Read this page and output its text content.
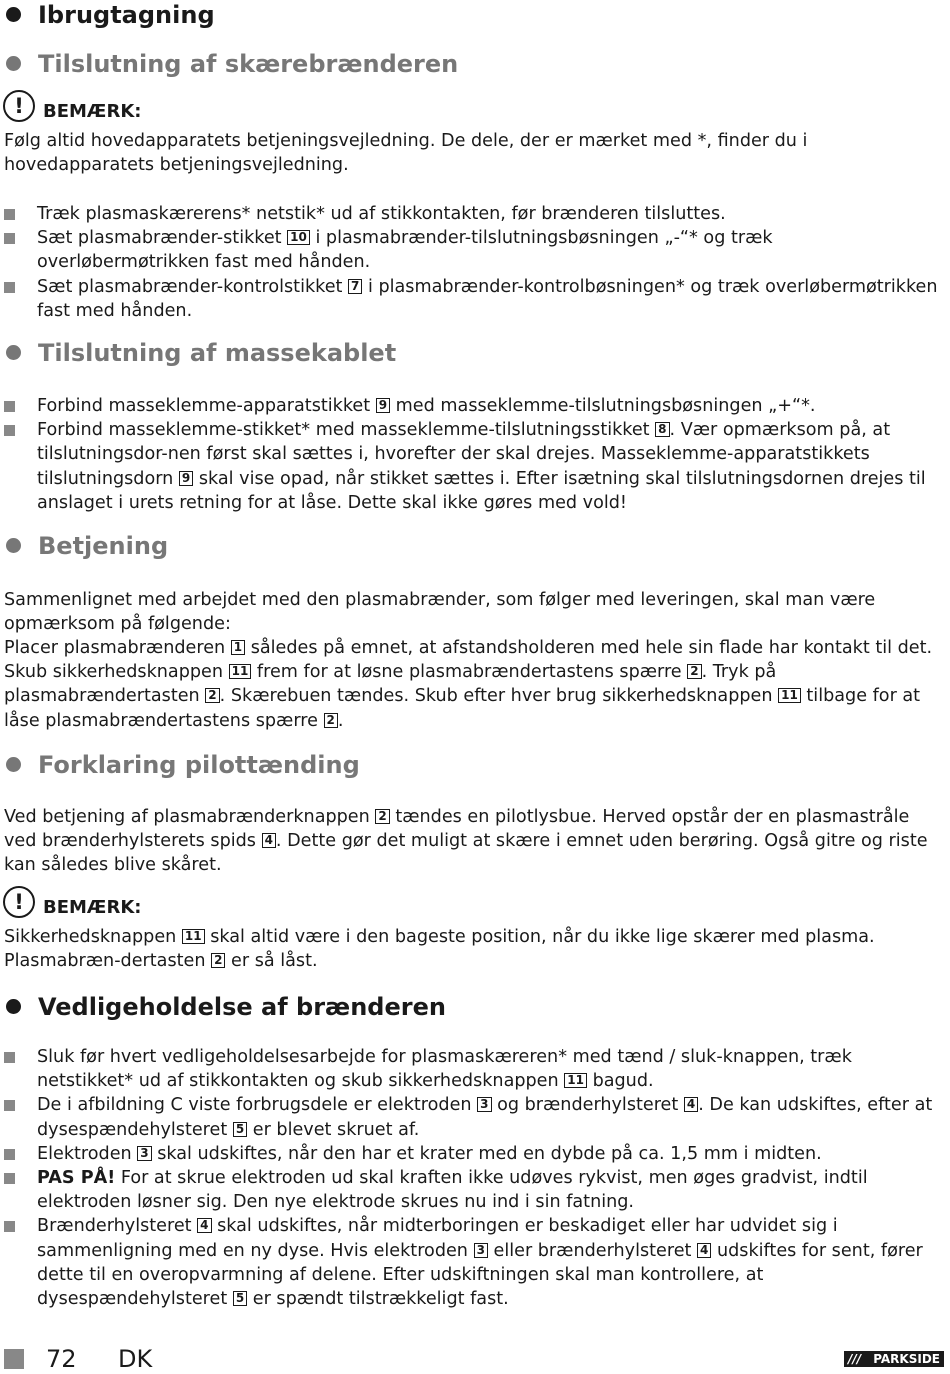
Ibrugtagning
Tilslutning af skærebrænderen
!	BEMÆRK:

Følg altid hovedapparatets betjeningsvejledning. De dele, der er mærket med *, finder du i hovedapparatets betjeningsvejledning.

Træk plasmaskærerens* netstik* ud af stikkontakten, før brænderen tilsluttes.
Sæt plasmabrænder-stikket 10 i plasmabrænder-tilslutningsbøsningen „-“* og træk overløbermøtrikken fast med hånden.
Sæt plasmabrænder-kontrolstikket 7 i plasmabrænder-kontrolbøsningen* og træk overløbermøtrikken fast med hånden.
Tilslutning af massekablet
Forbind masseklemme-apparatstikket 9 med masseklemme-tilslutningsbøsningen „+“*.
Forbind masseklemme-stikket* med masseklemme-tilslutningsstikket 8 . Vær opmærksom på, at tilslutningsdor-nen først skal sættes i, hvorefter der skal drejes. Masseklemme-apparatstikkets tilslutningsdorn 9 skal vise opad, når stikket sættes i. Efter isætning skal tilslutningsdornen drejes til anslaget i urets retning for at låse. Dette skal ikke gøres med vold!
Betjening

Sammenlignet med arbejdet med den plasmabrænder, som følger med leveringen, skal man være opmærksom på følgende:

Placer plasmabrænderen 1 således på emnet, at afstandsholderen med hele sin flade har kontakt til det. Skub sikkerhedsknappen 11 frem for at løsne plasmabrændertastens spærre 2 . Tryk på plasmabrændertasten 2 . Skærebuen tændes. Skub efter hver brug sikkerhedsknappen 11 tilbage for at låse plasmabrændertastens spærre 2 .

Forklaring pilottænding

Ved betjening af plasmabrænderknappen 2 tændes en pilotlysbue. Herved opstår der en plasmastråle ved brænderhylsterets spids 4 . Dette gør det muligt at skære i emnet uden berøring. Også gitre og riste kan således blive skåret.

!	BEMÆRK:

Sikkerhedsknappen 11 skal altid være i den bageste position, når du ikke lige skærer med plasma. Plasmabræn-dertasten 2 er så låst.

Vedligeholdelse af brænderen
Sluk før hvert vedligeholdelsesarbejde for plasmaskæreren* med tænd / sluk-knappen, træk netstikket* ud af stikkontakten og skub sikkerhedsknappen 11 bagud.
De i afbildning C viste forbrugsdele er elektroden 3 og brænderhylsteret 4 . De kan udskiftes, efter at dysespændehylsteret 5 er blevet skruet af.
Elektroden 3 skal udskiftes, når den har et krater med en dybde på ca. 1,5 mm i midten.
PAS PÅ! For at skrue elektroden ud skal kraften ikke udøves rykvist, men øges gradvist, indtil elektroden løsner sig. Den nye elektrode skrues nu ind i sin fatning.
Brænderhylsteret 4 skal udskiftes, når midterboringen er beskadiget eller har udvidet sig i sammenligning med en ny dyse. Hvis elektroden 3 eller brænderhylsteret 4 udskiftes for sent, fører dette til en overopvarmning af delene. Efter udskiftningen skal man kontrollere, at dysespændehylsteret 5 er spændt tilstrækkeligt fast.
72 DK	/// PARKSIDE
